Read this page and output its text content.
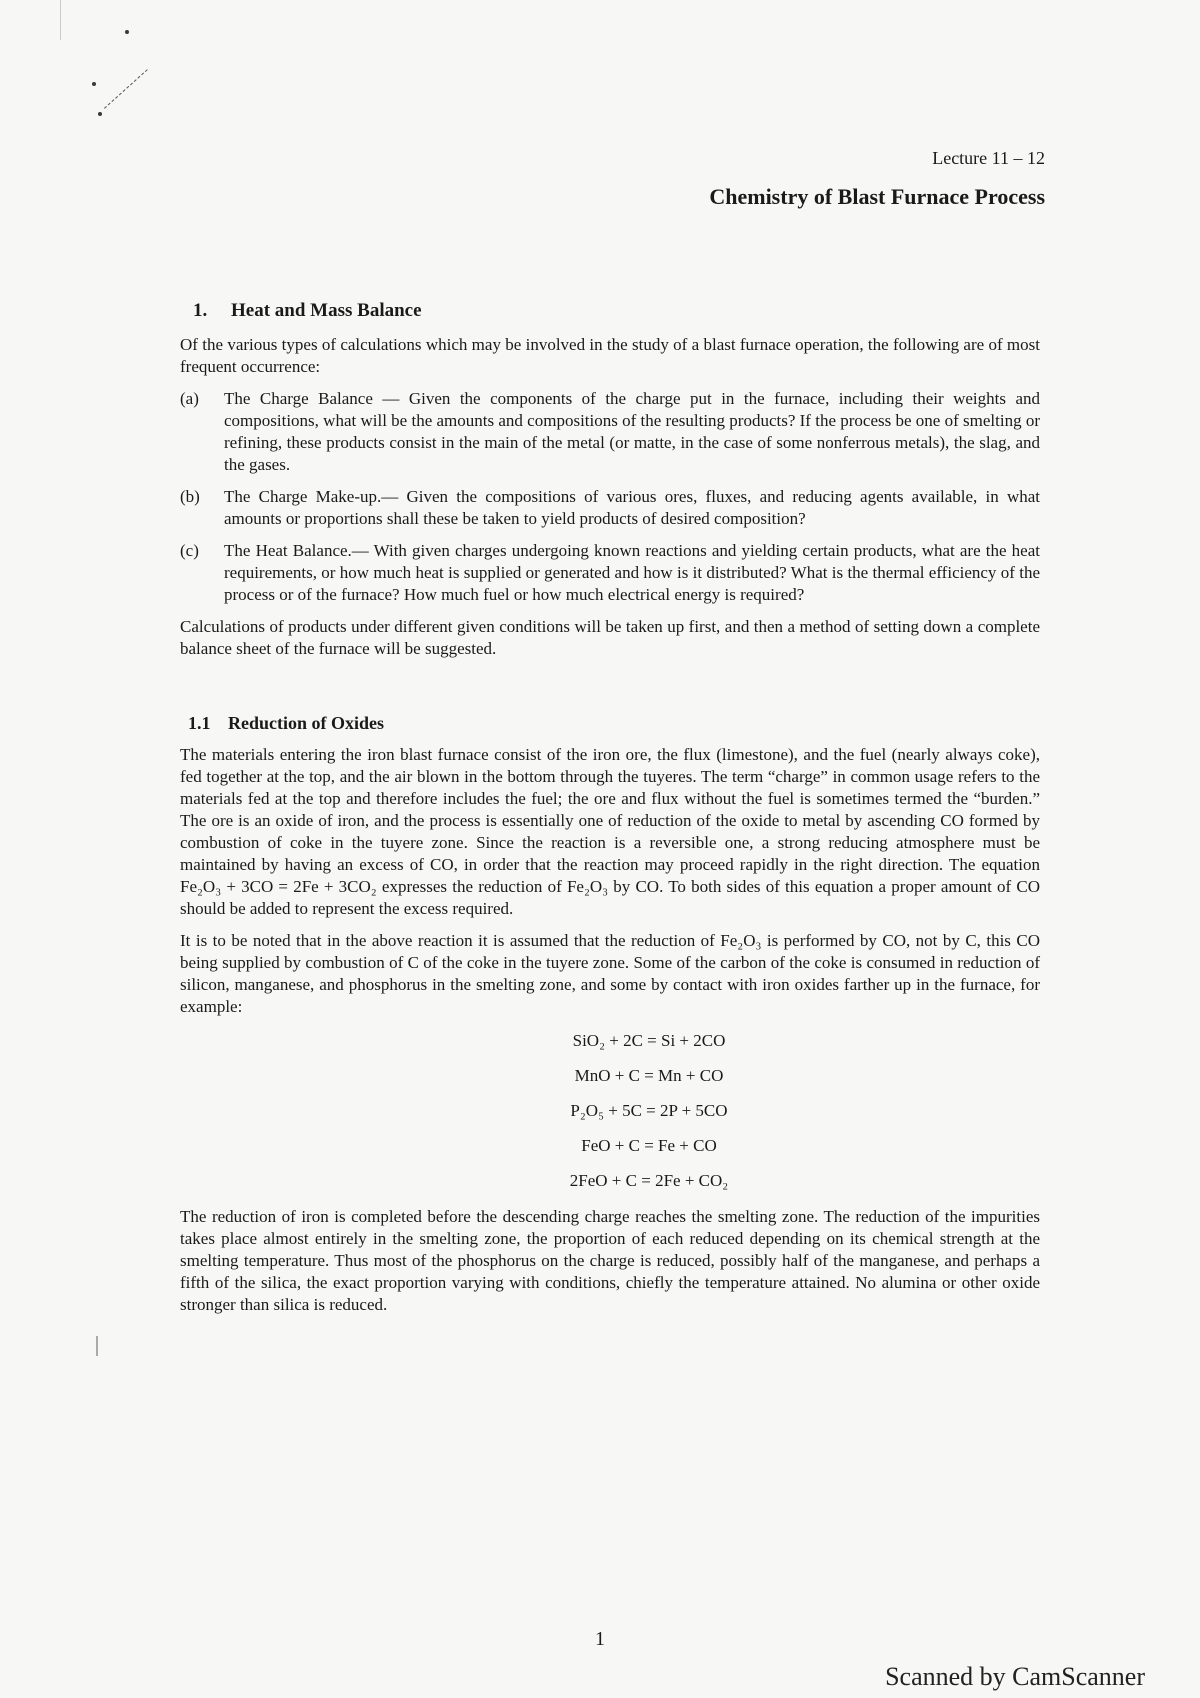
Lecture 11 – 12
Chemistry of Blast Furnace Process
1. Heat and Mass Balance

Of the various types of calculations which may be involved in the study of a blast furnace operation, the following are of most frequent occurrence:

(a)	The Charge Balance — Given the components of the charge put in the furnace, including their weights and compositions, what will be the amounts and compositions of the resulting products? If the process be one of smelting or refining, these products consist in the main of the metal (or matte, in the case of some nonferrous metals), the slag, and the gases.
(b)	The Charge Make-up.— Given the compositions of various ores, fluxes, and reducing agents available, in what amounts or proportions shall these be taken to yield products of desired composition?
(c)	The Heat Balance.— With given charges undergoing known reactions and yielding certain products, what are the heat requirements, or how much heat is supplied or generated and how is it distributed? What is the thermal efficiency of the process or of the furnace? How much fuel or how much electrical energy is required?

Calculations of products under different given conditions will be taken up first, and then a method of setting down a complete balance sheet of the furnace will be suggested.

1.1 Reduction of Oxides

The materials entering the iron blast furnace consist of the iron ore, the flux (limestone), and the fuel (nearly always coke), fed together at the top, and the air blown in the bottom through the tuyeres. The term “charge” in common usage refers to the materials fed at the top and therefore includes the fuel; the ore and flux without the fuel is sometimes termed the “burden.” The ore is an oxide of iron, and the process is essentially one of reduction of the oxide to metal by ascending CO formed by combustion of coke in the tuyere zone. Since the reaction is a reversible one, a strong reducing atmosphere must be maintained by having an excess of CO, in order that the reaction may proceed rapidly in the right direction. The equation Fe₂O₃ + 3CO = 2Fe + 3CO₂ expresses the reduction of Fe₂O₃ by CO. To both sides of this equation a proper amount of CO should be added to represent the excess required.

It is to be noted that in the above reaction it is assumed that the reduction of Fe₂O₃ is performed by CO, not by C, this CO being supplied by combustion of C of the coke in the tuyere zone. Some of the carbon of the coke is consumed in reduction of silicon, manganese, and phosphorus in the smelting zone, and some by contact with iron oxides farther up in the furnace, for example:

SiO₂ + 2C = Si + 2CO
MnO + C = Mn + CO
P₂O₅ + 5C = 2P + 5CO
FeO + C = Fe + CO
2FeO + C = 2Fe + CO₂

The reduction of iron is completed before the descending charge reaches the smelting zone. The reduction of the impurities takes place almost entirely in the smelting zone, the proportion of each reduced depending on its chemical strength at the smelting temperature. Thus most of the phosphorus on the charge is reduced, possibly half of the manganese, and perhaps a fifth of the silica, the exact proportion varying with conditions, chiefly the temperature attained. No alumina or other oxide stronger than silica is reduced.

1
Scanned by CamScanner
